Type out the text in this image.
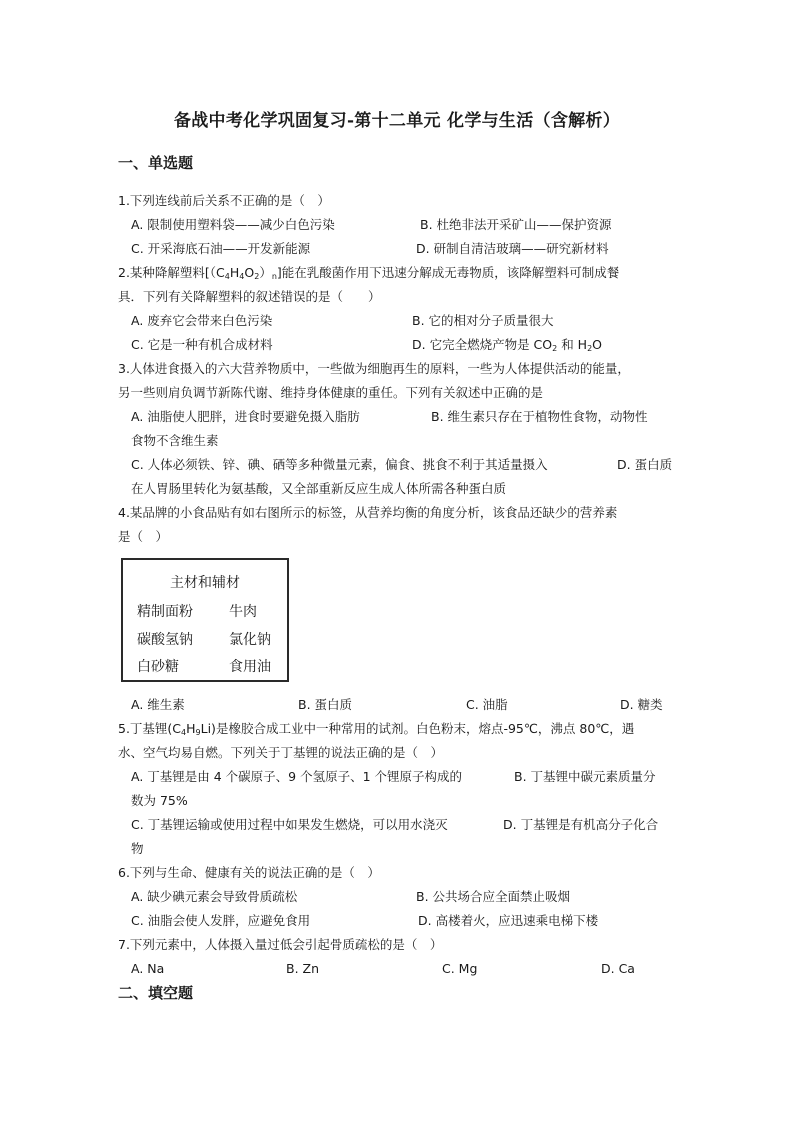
备战中考化学巩固复习-第十二单元 化学与生活（含解析）
一、单选题
1.下列连线前后关系不正确的是（　）
A. 限制使用塑料袋——减少白色污染	B. 杜绝非法开采矿山——保护资源
C. 开采海底石油——开发新能源	D. 研制自清洁玻璃——研究新材料
2.某种降解塑料$[(C_4H_4O_2)_n]$能在乳酸菌作用下迅速分解成无毒物质，该降解塑料可制成餐
具．下列有关降解塑料的叙述错误的是（　　）
A. 废弃它会带来白色污染	B. 它的相对分子质量很大
C. 它是一种有机合成材料	D. 它完全燃烧产物是 $CO_2$ 和 $H_2O$
3.人体进食摄入的六大营养物质中，一些做为细胞再生的原料，一些为人体提供活动的能量，
另一些则肩负调节新陈代谢、维持身体健康的重任。下列有关叙述中正确的是
A. 油脂使人肥胖，进食时要避免摄入脂肪	B. 维生素只存在于植物性食物，动物性
食物不含维生素
C. 人体必须铁、锌、碘、硒等多种微量元素，偏食、挑食不利于其适量摄入	D. 蛋白质
在人胃肠里转化为氨基酸，又全部重新反应生成人体所需各种蛋白质
4.某品牌的小食品贴有如右图所示的标签，从营养均衡的角度分析，该食品还缺少的营养素
是（　）
主材和辅材
精制面粉	牛肉
碳酸氢钠	氯化钠
白砂糖	食用油
A. 维生素	B. 蛋白质	C. 油脂	D. 糖类
5.丁基锂$(C_4H_9Li)$是橡胶合成工业中一种常用的试剂。白色粉末，熔点-95℃，沸点 80℃，遇
水、空气均易自燃。下列关于丁基锂的说法正确的是（　）
A. 丁基锂是由 4 个碳原子、9 个氢原子、1 个锂原子构成的	B. 丁基锂中碳元素质量分
数为 75%
C. 丁基锂运输或使用过程中如果发生燃烧，可以用水浇灭	D. 丁基锂是有机高分子化合
物
6.下列与生命、健康有关的说法正确的是（　）
A. 缺少碘元素会导致骨质疏松	B. 公共场合应全面禁止吸烟
C. 油脂会使人发胖，应避免食用	D. 高楼着火，应迅速乘电梯下楼
7.下列元素中，人体摄入量过低会引起骨质疏松的是（　）
A. Na	B. Zn	C. Mg	D. Ca
二、填空题
